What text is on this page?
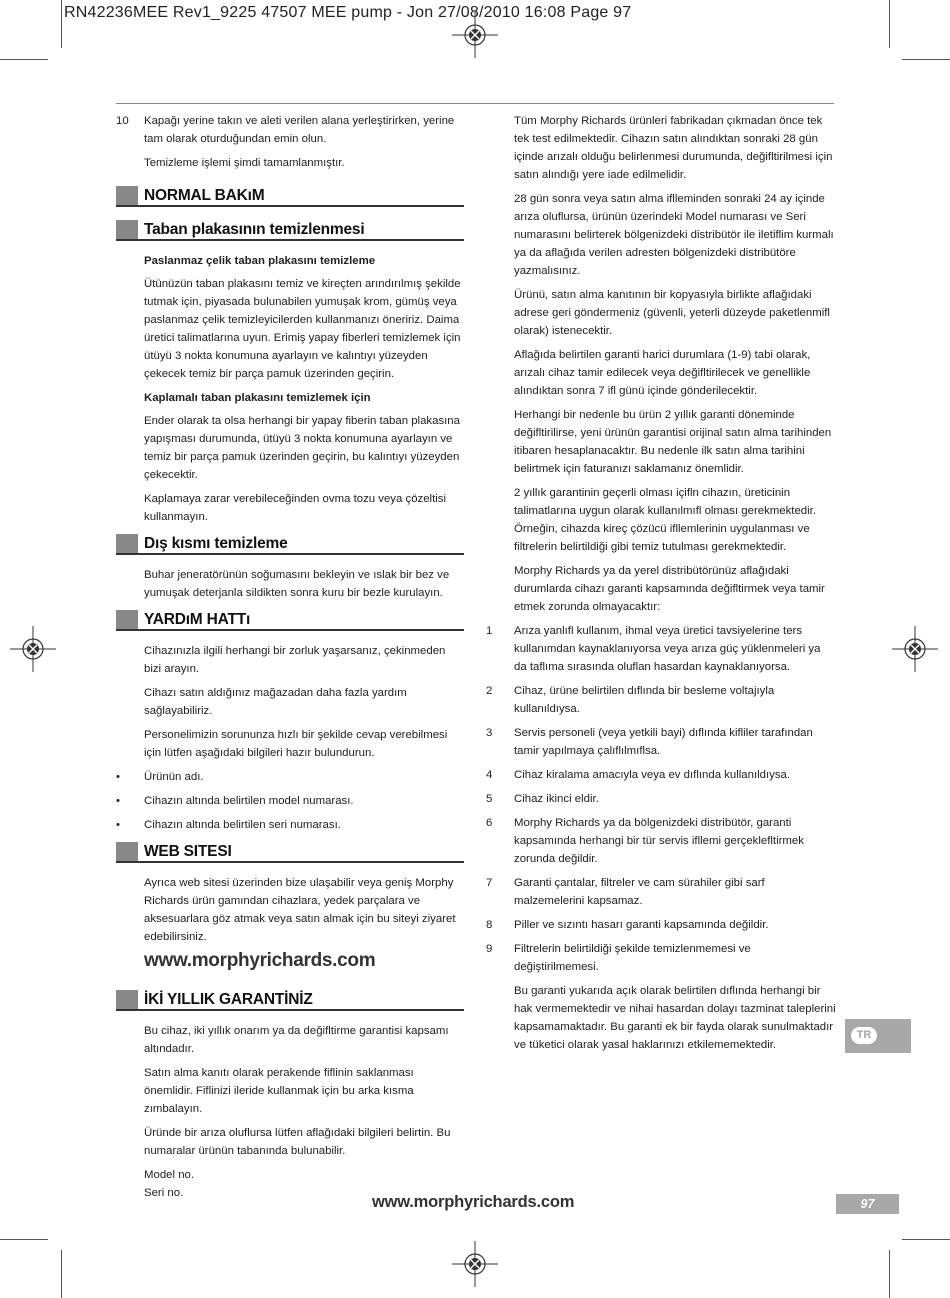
RN42236MEE Rev1_9225 47507 MEE pump - Jon 27/08/2010 16:08 Page 97
10 Kapağı yerine takın ve aleti verilen alana yerleştirirken, yerine tam olarak oturduğundan emin olun.

Temizleme işlemi şimdi tamamlanmıştır.

NORMAL BAKıM
Taban plakasının temizlenmesi

Paslanmaz çelik taban plakasını temizleme

Ütünüzün taban plakasını temiz ve kireçten arındırılmış şekilde tutmak için, piyasada bulunabilen yumuşak krom, gümüş veya paslanmaz çelik temizleyicilerden kullanmanızı öneririz. Daima üretici talimatlarına uyun. Erimiş yapay fiberleri temizlemek için ütüyü 3 nokta konumuna ayarlayın ve kalıntıyı yüzeyden çekecek temiz bir parça pamuk üzerinden geçirin.

Kaplamalı taban plakasını temizlemek için

Ender olarak ta olsa herhangi bir yapay fiberin taban plakasına yapışması durumunda, ütüyü 3 nokta konumuna ayarlayın ve temiz bir parça pamuk üzerinden geçirin, bu kalıntıyı yüzeyden çekecektir.

Kaplamaya zarar verebileceğinden ovma tozu veya çözeltisi kullanmayın.

Dış kısmı temizleme

Buhar jeneratörünün soğumasını bekleyin ve ıslak bir bez ve yumuşak deterjanla sildikten sonra kuru bir bezle kurulayın.

YARDıM HATTı

Cihazınızla ilgili herhangi bir zorluk yaşarsanız, çekinmeden bizi arayın.

Cihazı satın aldığınız mağazadan daha fazla yardım sağlayabiliriz.

Personelimizin sorununza hızlı bir şekilde cevap verebilmesi için lütfen aşağıdaki bilgileri hazır bulundurun.

• Ürünün adı.
• Cihazın altında belirtilen model numarası.
• Cihazın altında belirtilen seri numarası.
WEB SITESI

Ayrıca web sitesi üzerinden bize ulaşabilir veya geniş Morphy Richards ürün gamından cihazlara, yedek parçalara ve aksesuarlara göz atmak veya satın almak için bu siteyi ziyaret edebilirsiniz.

www.morphyrichards.com
İKİ YILLIK GARANTİNİZ

Bu cihaz, iki yıllık onarım ya da değifltirme garantisi kapsamı altındadır.

Satın alma kanıtı olarak perakende fiflinin saklanması önemlidir. Fiflinizi ileride kullanmak için bu arka kısma zımbalayın.

Üründe bir arıza oluflursa lütfen aflağıdaki bilgileri belirtin. Bu numaralar ürünün tabanında bulunabilir.

Model no.

Seri no.

Tüm Morphy Richards ürünleri fabrikadan çıkmadan önce tek tek test edilmektedir. Cihazın satın alındıktan sonraki 28 gün içinde arızalı olduğu belirlenmesi durumunda, değifltirilmesi için satın alındığı yere iade edilmelidir.

28 gün sonra veya satın alma ifllеminden sonraki 24 ay içinde arıza oluflursa, ürünün üzerindeki Model numarası ve Seri numarasını belirterek bölgenizdeki distribütör ile iletiflim kurmalı ya da aflağıda verilen adresten bölgenizdeki distribütöre yazmalısınız.

Ürünü, satın alma kanıtının bir kopyasıyla birlikte aflağıdaki adrese geri göndermeniz (güvenli, yeterli düzeyde paketlenmifl olarak) istenecektir.

Aflağıda belirtilen garanti harici durumlara (1-9) tabi olarak, arızalı cihaz tamir edilecek veya değifltirilecek ve genellikle alındıktan sonra 7 ifl günü içinde gönderilecektir.

Herhangi bir nedenle bu ürün 2 yıllık garanti döneminde değifltirilirse, yeni ürünün garantisi orijinal satın alma tarihinden itibaren hesaplanacaktır. Bu nedenle ilk satın alma tarihini belirtmek için faturanızı saklamanız önemlidir.

2 yıllık garantinin geçerli olması içifln cihazın, üreticinin talimatlarına uygun olarak kullanılmıfl olması gerekmektedir. Örneğin, cihazda kireç çözücü ifllemlerinin uygulanması ve filtrelerin belirtildiği gibi temiz tutulması gerekmektedir.

Morphy Richards ya da yerel distribütörünüz aflağıdaki durumlarda cihazı garanti kapsamında değifltirmek veya tamir etmek zorunda olmayacaktır:

1 Arıza yanlıfl kullanım, ihmal veya üretici tavsiyelerine ters kullanımdan kaynaklanıyorsa veya arıza güç yüklenmeleri ya da taflıma sırasında oluflan hasardan kaynaklanıyorsa.
2 Cihaz, ürüne belirtilen dıflında bir besleme voltajıyla kullanıldıysa.
3 Servis personeli (veya yetkili bayi) dıflında kifliler tarafından tamir yapılmaya çalıflılmıflsa.
4 Cihaz kiralama amacıyla veya ev dıflında kullanıldıysa.
5 Cihaz ikinci eldir.
6 Morphy Richards ya da bölgenizdeki distribütör, garanti kapsamında herhangi bir tür servis ifllemi gerçeklefltirmek zorunda değildir.
7 Garanti çantalar, filtreler ve cam sürahiler gibi sarf malzemelerini kapsamaz.
8 Piller ve sızıntı hasarı garanti kapsamında değildir.
9 Filtrelerin belirtildiği şekilde temizlenmemesi ve değiştirilmemesi.

Bu garanti yukarıda açık olarak belirtilen dıflında herhangi bir hak vermemektedir ve nihai hasardan dolayı tazminat taleplerini kapsamamaktadır. Bu garanti ek bir fayda olarak sunulmaktadır ve tüketici olarak yasal haklarınızı etkilememektedir.

TR
www.morphyrichards.com	97
